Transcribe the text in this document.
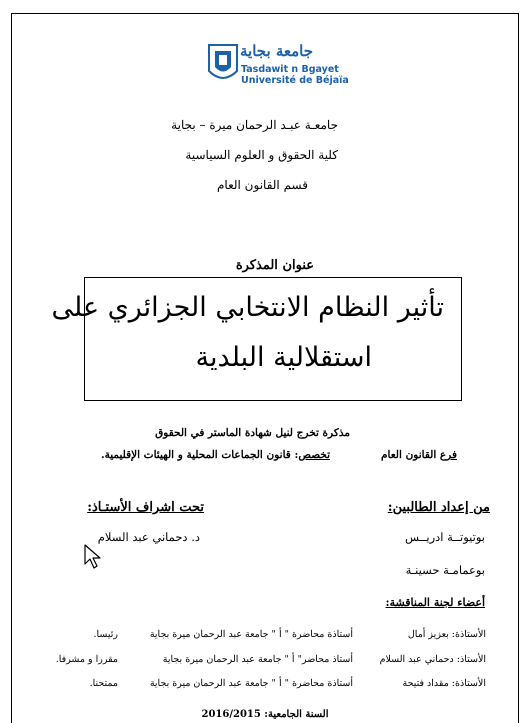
جامعة بجاية
Tasdawit n Bgayet
Université de Béjaïa
جامعـة عبـد الرحمان ميرة – بجاية
كلية الحقوق و العلوم السياسية
قسم القانون العام
عنوان المذكرة
تأثير النظام الانتخابي الجزائري على
استقلالية البلدية
مذكرة تخرج لنيل شهادة الماستر في الحقوق
فرع القانون العام
تخصص: قانون الجماعات المحلية و الهيئات الإقليمية.
تحت اشراف الأستـاذ:	من إعداد الطالبين:
د. دحماني عبد السلام	بوتيوتــة ادريــس
بوعمامـة حسينـة
أعضاء لجنة المناقشة:
الأستاذة: بعزيز أمال
أستاذة محاضرة " أ " جامعة عبد الرحمان ميرة بجاية
رئيسا.
الأستاذ: دحماني عبد السلام
أستاذ محاضر" أ " جامعة عبد الرحمان ميرة بجاية
مقررا و مشرفا.
الأستاذة: مقداد فتيحة
أستاذة محاضرة " أ " جامعة عبد الرحمان ميرة بجاية
ممتحنا.
السنة الجامعية: 2016/2015
